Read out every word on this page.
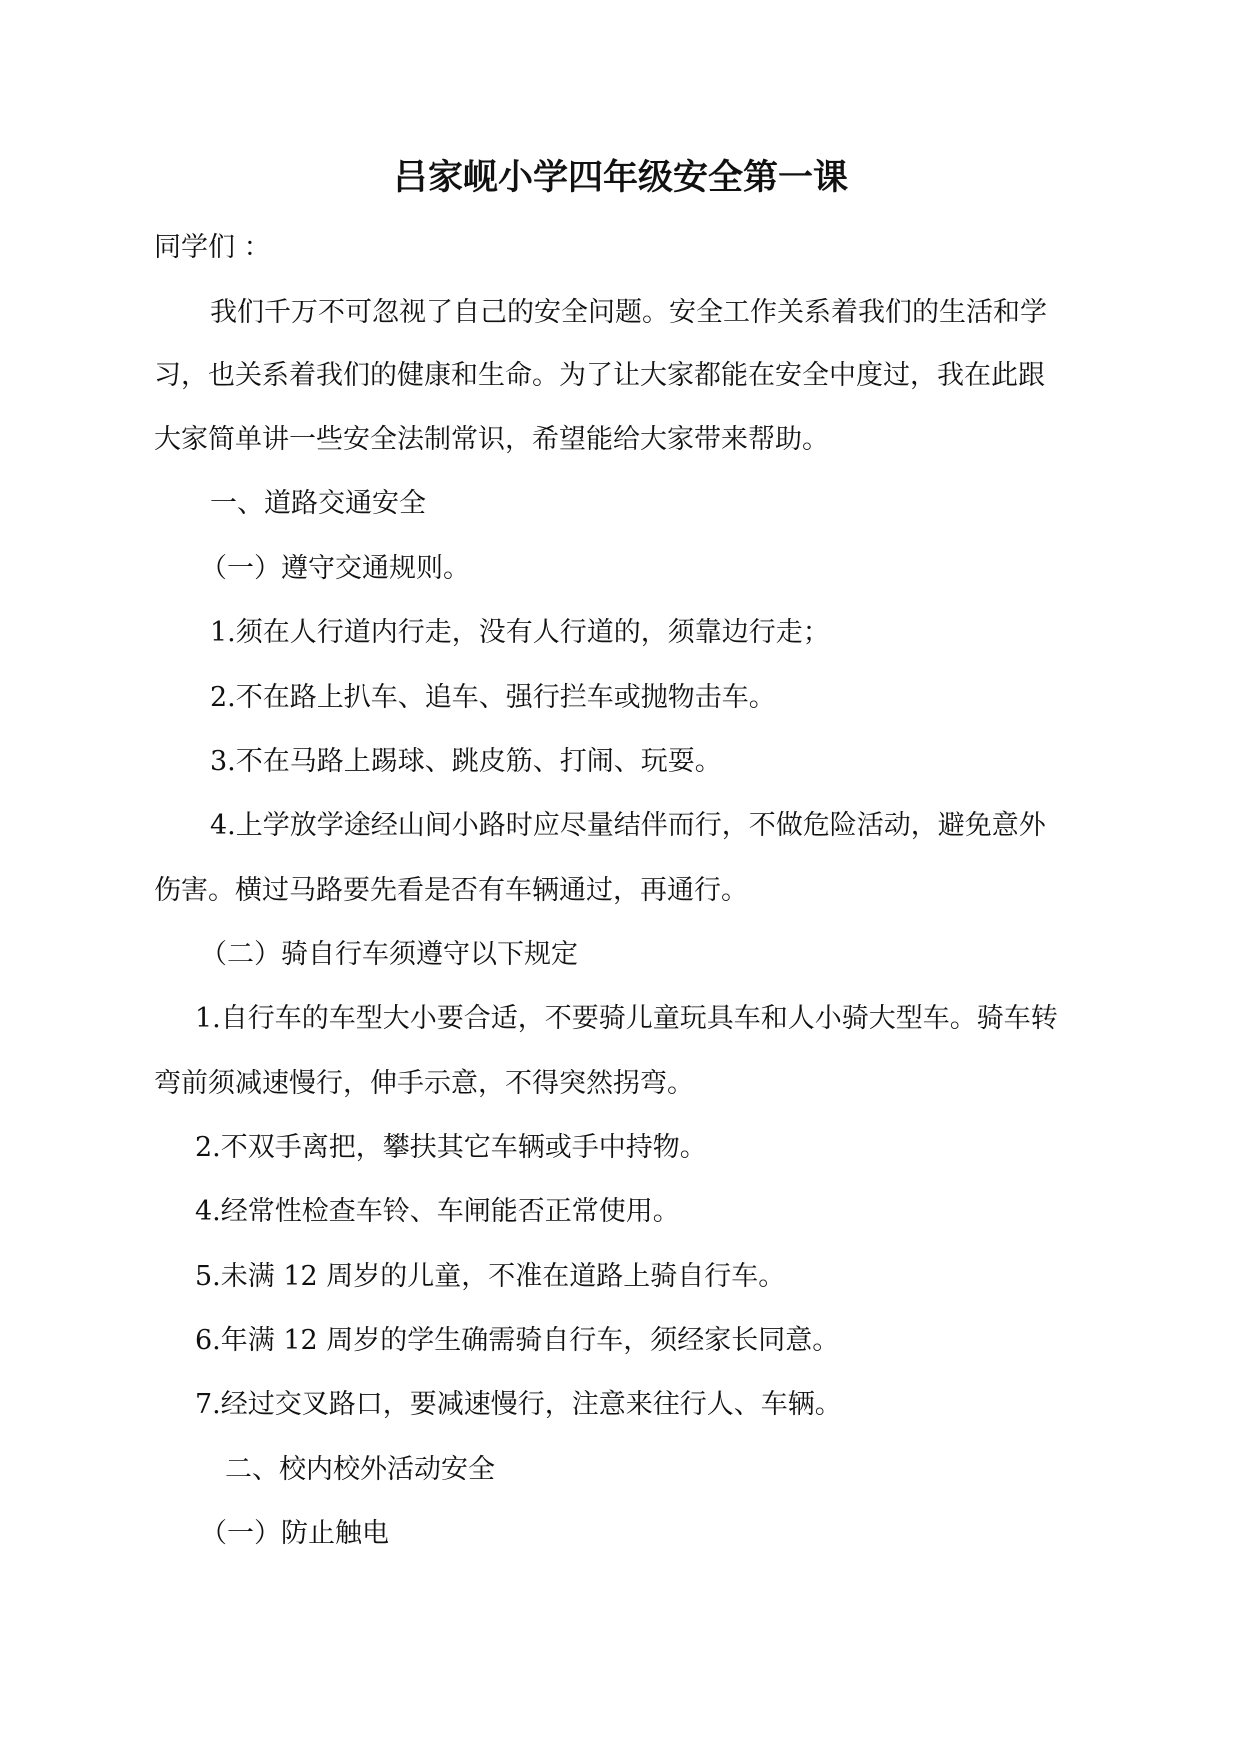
吕家岘小学四年级安全第一课
同学们 ：
我们千万不可忽视了自己的安全问题。安全工作关系着我们的生活和学
习，也关系着我们的健康和生命。为了让大家都能在安全中度过，我在此跟
大家简单讲一些安全法制常识，希望能给大家带来帮助。
一、道路交通安全
（一）遵守交通规则。
1.须在人行道内行走，没有人行道的，须靠边行走；
2.不在路上扒车、追车、强行拦车或抛物击车。
3.不在马路上踢球、跳皮筋、打闹、玩耍。
4.上学放学途经山间小路时应尽量结伴而行，不做危险活动，避免意外
伤害。横过马路要先看是否有车辆通过，再通行。
（二）骑自行车须遵守以下规定
1.自行车的车型大小要合适，不要骑儿童玩具车和人小骑大型车。骑车转
弯前须减速慢行，伸手示意，不得突然拐弯。
2.不双手离把，攀扶其它车辆或手中持物。
4.经常性检查车铃、车闸能否正常使用。
5.未满 12 周岁的儿童，不准在道路上骑自行车。
6.年满 12 周岁的学生确需骑自行车，须经家长同意。
7.经过交叉路口，要减速慢行，注意来往行人、车辆。
二、校内校外活动安全
（一）防止触电
